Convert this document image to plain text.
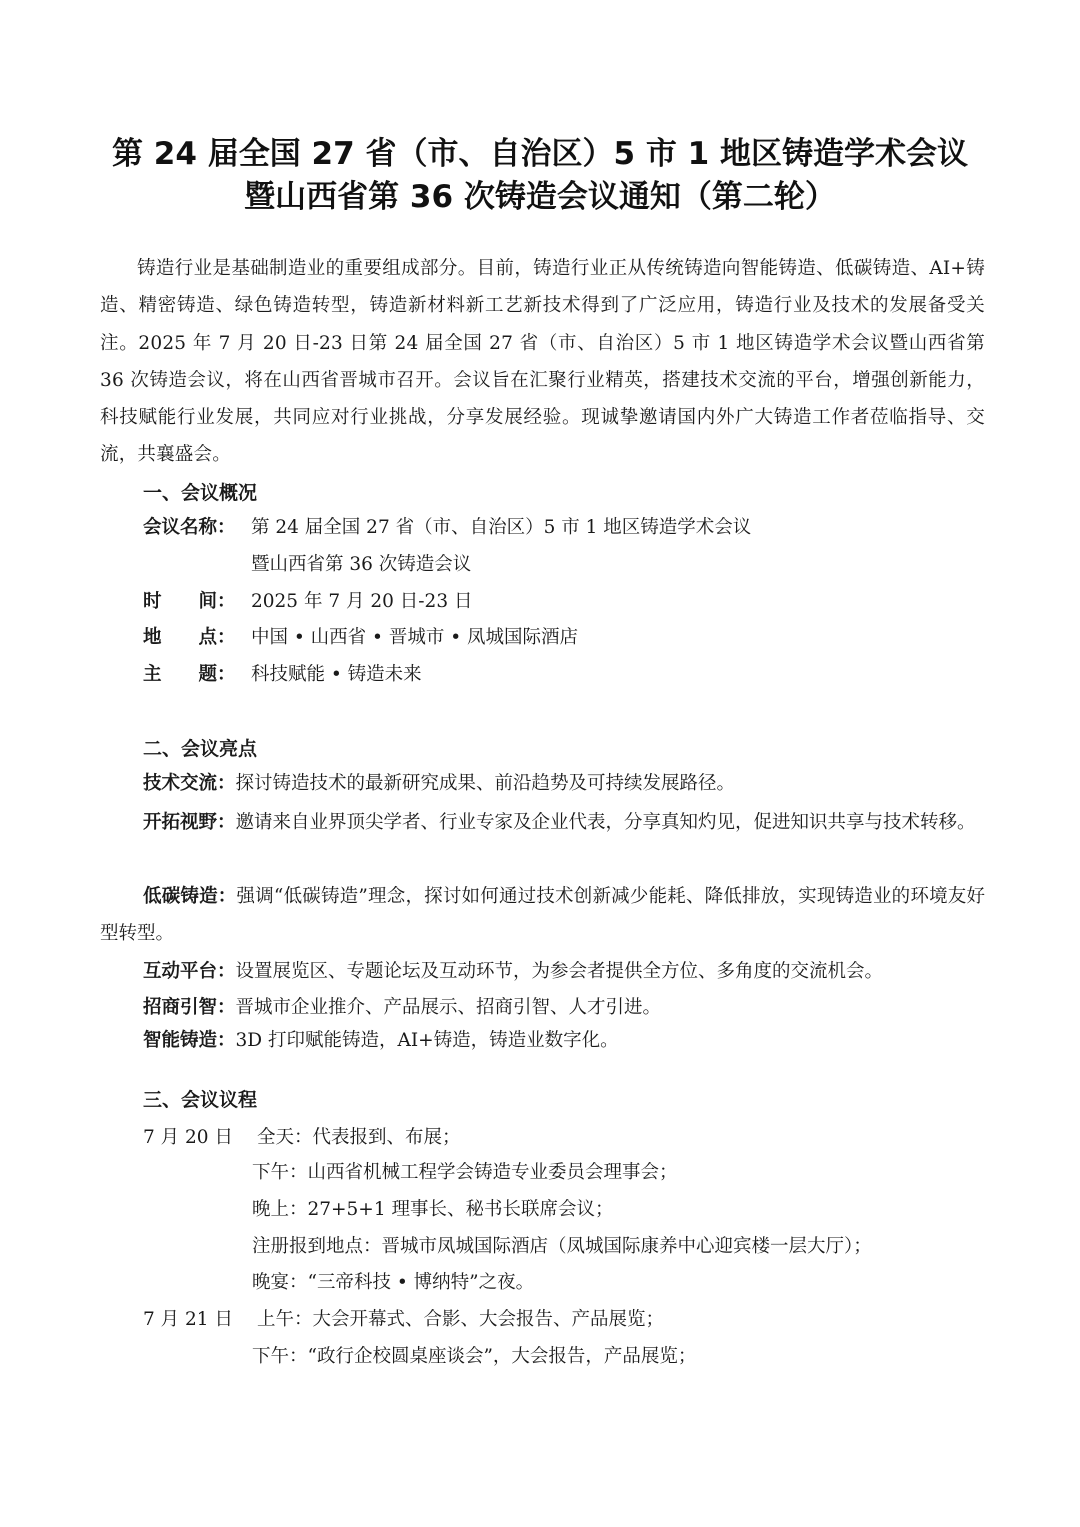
第 24 届全国 27 省（市、自治区）5 市 1 地区铸造学术会议
暨山西省第 36 次铸造会议通知（第二轮）
铸造行业是基础制造业的重要组成部分。目前，铸造行业正从传统铸造向智能铸造、低碳铸造、AI+铸造、精密铸造、绿色铸造转型，铸造新材料新工艺新技术得到了广泛应用，铸造行业及技术的发展备受关注。2025 年 7 月 20 日-23 日第 24 届全国 27 省（市、自治区）5 市 1 地区铸造学术会议暨山西省第 36 次铸造会议，将在山西省晋城市召开。会议旨在汇聚行业精英，搭建技术交流的平台，增强创新能力，科技赋能行业发展，共同应对行业挑战，分享发展经验。现诚挚邀请国内外广大铸造工作者莅临指导、交流，共襄盛会。
一、会议概况
会议名称： 第 24 届全国 27 省（市、自治区）5 市 1 地区铸造学术会议
暨山西省第 36 次铸造会议
时　　间： 2025 年 7 月 20 日-23 日
地　　点： 中国 • 山西省 • 晋城市 • 凤城国际酒店
主　　题： 科技赋能 • 铸造未来
二、会议亮点
技术交流：探讨铸造技术的最新研究成果、前沿趋势及可持续发展路径。
开拓视野：邀请来自业界顶尖学者、行业专家及企业代表，分享真知灼见，促进知识共享与技术转移。
低碳铸造：强调“低碳铸造”理念，探讨如何通过技术创新减少能耗、降低排放，实现铸造业的环境友好型转型。
互动平台：设置展览区、专题论坛及互动环节，为参会者提供全方位、多角度的交流机会。
招商引智：晋城市企业推介、产品展示、招商引智、人才引进。
智能铸造：3D 打印赋能铸造，AI+铸造，铸造业数字化。
三、会议议程
7 月 20 日 全天：代表报到、布展；
下午：山西省机械工程学会铸造专业委员会理事会；
晚上：27+5+1 理事长、秘书长联席会议；
注册报到地点：晋城市凤城国际酒店（凤城国际康养中心迎宾楼一层大厅）；
晚宴：“三帝科技 • 博纳特”之夜。
7 月 21 日 上午：大会开幕式、合影、大会报告、产品展览；
下午：“政行企校圆桌座谈会”，大会报告，产品展览；
